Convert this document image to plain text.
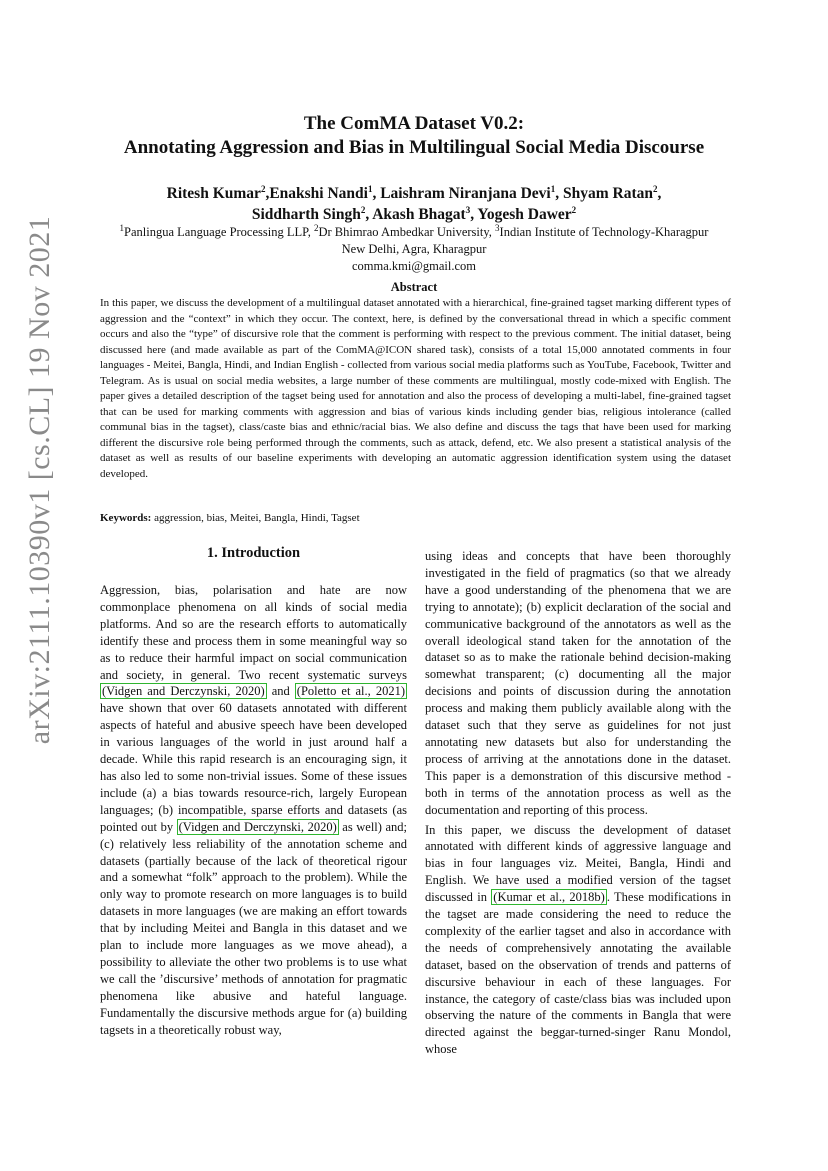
arXiv:2111.10390v1 [cs.CL] 19 Nov 2021
The ComMA Dataset V0.2:
Annotating Aggression and Bias in Multilingual Social Media Discourse
Ritesh Kumar$^2$,Enakshi Nandi$^1$, Laishram Niranjana Devi$^1$, Shyam Ratan$^2$,
Siddharth Singh$^2$, Akash Bhagat$^3$, Yogesh Dawer$^2$
$^1$Panlingua Language Processing LLP, $^2$Dr Bhimrao Ambedkar University, $^3$Indian Institute of Technology-Kharagpur
New Delhi, Agra, Kharagpur
comma.kmi@gmail.com
Abstract
In this paper, we discuss the development of a multilingual dataset annotated with a hierarchical, fine-grained tagset marking different types of aggression and the “context” in which they occur. The context, here, is defined by the conversational thread in which a specific comment occurs and also the “type” of discursive role that the comment is performing with respect to the previous comment. The initial dataset, being discussed here (and made available as part of the ComMA@ICON shared task), consists of a total 15,000 annotated comments in four languages - Meitei, Bangla, Hindi, and Indian English - collected from various social media platforms such as YouTube, Facebook, Twitter and Telegram. As is usual on social media websites, a large number of these comments are multilingual, mostly code-mixed with English. The paper gives a detailed description of the tagset being used for annotation and also the process of developing a multi-label, fine-grained tagset that can be used for marking comments with aggression and bias of various kinds including gender bias, religious intolerance (called communal bias in the tagset), class/caste bias and ethnic/racial bias. We also define and discuss the tags that have been used for marking different the discursive role being performed through the comments, such as attack, defend, etc. We also present a statistical analysis of the dataset as well as results of our baseline experiments with developing an automatic aggression identification system using the dataset developed.
Keywords: aggression, bias, Meitei, Bangla, Hindi, Tagset
1. Introduction

Aggression, bias, polarisation and hate are now commonplace phenomena on all kinds of social media platforms. And so are the research efforts to automatically identify these and process them in some meaningful way so as to reduce their harmful impact on social communication and society, in general. Two recent systematic surveys (Vidgen and Derczynski, 2020) and (Poletto et al., 2021) have shown that over 60 datasets annotated with different aspects of hateful and abusive speech have been developed in various languages of the world in just around half a decade. While this rapid research is an encouraging sign, it has also led to some non-trivial issues. Some of these issues include (a) a bias towards resource-rich, largely European languages; (b) incompatible, sparse efforts and datasets (as pointed out by (Vidgen and Derczynski, 2020) as well) and; (c) relatively less reliability of the annotation scheme and datasets (partially because of the lack of theoretical rigour and a somewhat “folk” approach to the problem). While the only way to promote research on more languages is to build datasets in more languages (we are making an effort towards that by including Meitei and Bangla in this dataset and we plan to include more languages as we move ahead), a possibility to alleviate the other two problems is to use what we call the ’discursive’ methods of annotation for pragmatic phenomena like abusive and hateful language. Fundamentally the discursive methods argue for (a) building tagsets in a theoretically robust way,

using ideas and concepts that have been thoroughly investigated in the field of pragmatics (so that we already have a good understanding of the phenomena that we are trying to annotate); (b) explicit declaration of the social and communicative background of the annotators as well as the overall ideological stand taken for the annotation of the dataset so as to make the rationale behind decision-making somewhat transparent; (c) documenting all the major decisions and points of discussion during the annotation process and making them publicly available along with the dataset such that they serve as guidelines for not just annotating new datasets but also for understanding the process of arriving at the annotations done in the dataset. This paper is a demonstration of this discursive method - both in terms of the annotation process as well as the documentation and reporting of this process.

In this paper, we discuss the development of dataset annotated with different kinds of aggressive language and bias in four languages viz. Meitei, Bangla, Hindi and English. We have used a modified version of the tagset discussed in (Kumar et al., 2018b) . These modifications in the tagset are made considering the need to reduce the complexity of the earlier tagset and also in accordance with the needs of comprehensively annotating the available dataset, based on the observation of trends and patterns of discursive behaviour in each of these languages. For instance, the category of caste/class bias was included upon observing the nature of the comments in Bangla that were directed against the beggar-turned-singer Ranu Mondol, whose
